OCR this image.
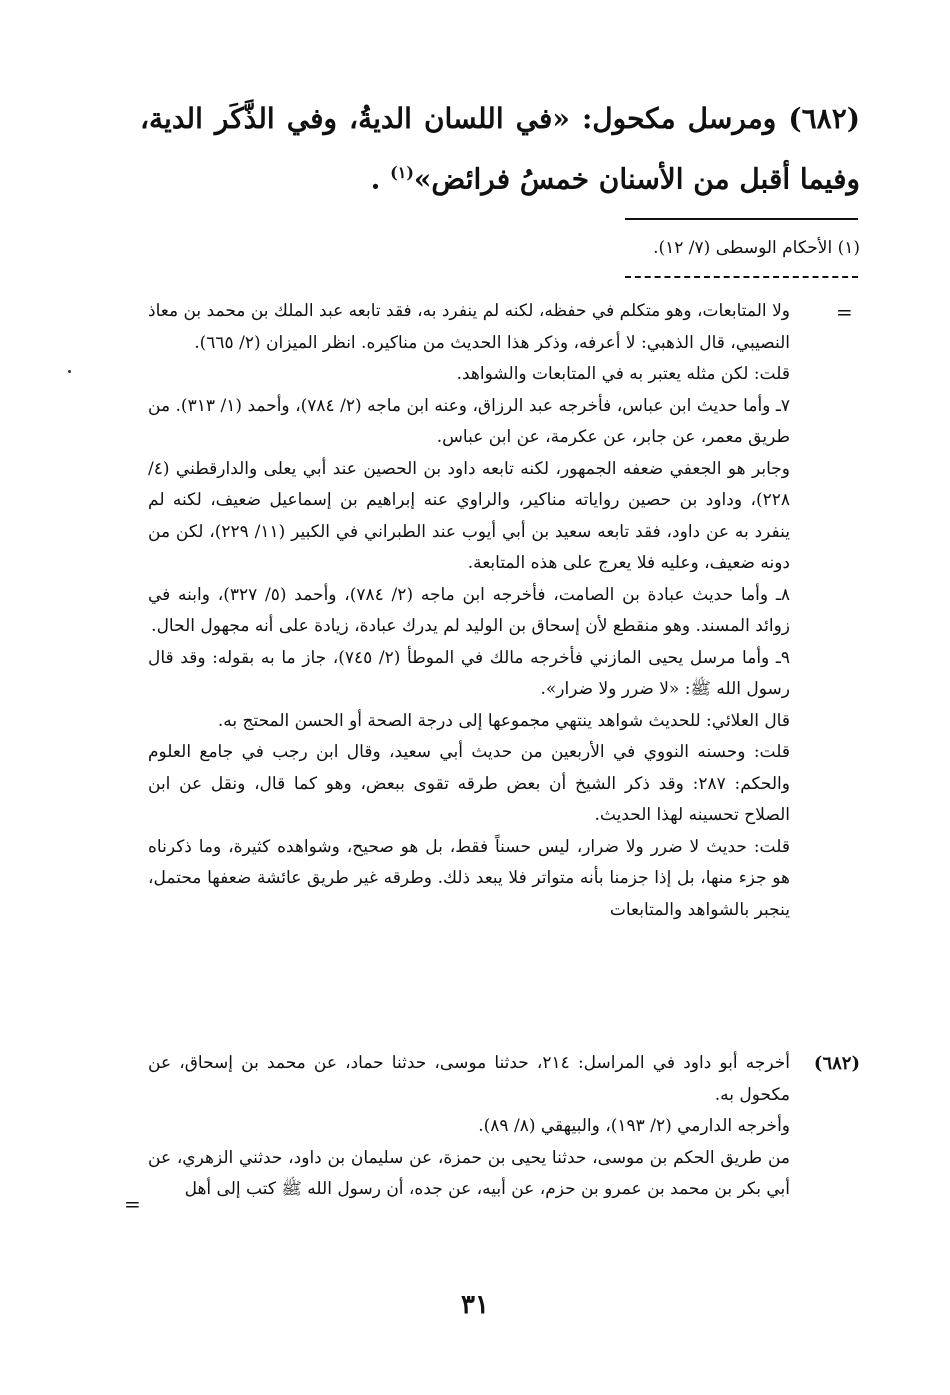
(٦٨٢) ومرسل مكحول: «في اللسان الديةُ، وفي الذَّكَر الدية، وفيما أقبل من الأسنان خمسُ فرائض»$^{(١)}$ .
(١) الأحكام الوسطى (٧/ ١٢).
=

ولا المتابعات، وهو متكلم في حفظه، لكنه لم ينفرد به، فقد تابعه عبد الملك بن محمد بن معاذ النصيبي، قال الذهبي: لا أعرفه، وذكر هذا الحديث من مناكيره. انظر الميزان (٢/ ٦٦٥).

قلت: لكن مثله يعتبر به في المتابعات والشواهد.

٧ـ وأما حديث ابن عباس، فأخرجه عبد الرزاق، وعنه ابن ماجه (٢/ ٧٨٤)، وأحمد (١/ ٣١٣). من طريق معمر، عن جابر، عن عكرمة، عن ابن عباس.

وجابر هو الجعفي ضعفه الجمهور، لكنه تابعه داود بن الحصين عند أبي يعلى والدارقطني (٤/ ٢٢٨)، وداود بن حصين رواياته مناكير، والراوي عنه إبراهيم بن إسماعيل ضعيف، لكنه لم ينفرد به عن داود، فقد تابعه سعيد بن أبي أيوب عند الطبراني في الكبير (١١/ ٢٢٩)، لكن من دونه ضعيف، وعليه فلا يعرج على هذه المتابعة.

٨ـ وأما حديث عبادة بن الصامت، فأخرجه ابن ماجه (٢/ ٧٨٤)، وأحمد (٥/ ٣٢٧)، وابنه في زوائد المسند. وهو منقطع لأن إسحاق بن الوليد لم يدرك عبادة، زيادة على أنه مجهول الحال.

٩ـ وأما مرسل يحيى المازني فأخرجه مالك في الموطأ (٢/ ٧٤٥)، جاز ما به بقوله: وقد قال رسول الله ﷺ: «لا ضرر ولا ضرار».

قال العلائي: للحديث شواهد ينتهي مجموعها إلى درجة الصحة أو الحسن المحتج به.

قلت: وحسنه النووي في الأربعين من حديث أبي سعيد، وقال ابن رجب في جامع العلوم والحكم: ٢٨٧: وقد ذكر الشيخ أن بعض طرقه تقوى ببعض، وهو كما قال، ونقل عن ابن الصلاح تحسينه لهذا الحديث.

قلت: حديث لا ضرر ولا ضرار، ليس حسناً فقط، بل هو صحيح، وشواهده كثيرة، وما ذكرناه هو جزء منها، بل إذا جزمنا بأنه متواتر فلا يبعد ذلك. وطرقه غير طريق عائشة ضعفها محتمل، ينجبر بالشواهد والمتابعات

(٦٨٢)

أخرجه أبو داود في المراسل: ٢١٤، حدثنا موسى، حدثنا حماد، عن محمد بن إسحاق، عن مكحول به.

وأخرجه الدارمي (٢/ ١٩٣)، والبيهقي (٨/ ٨٩).

من طريق الحكم بن موسى، حدثنا يحيى بن حمزة، عن سليمان بن داود، حدثني الزهري، عن أبي بكر بن محمد بن عمرو بن حزم، عن أبيه، عن جده، أن رسول الله ﷺ كتب إلى أهل

=
٣١
